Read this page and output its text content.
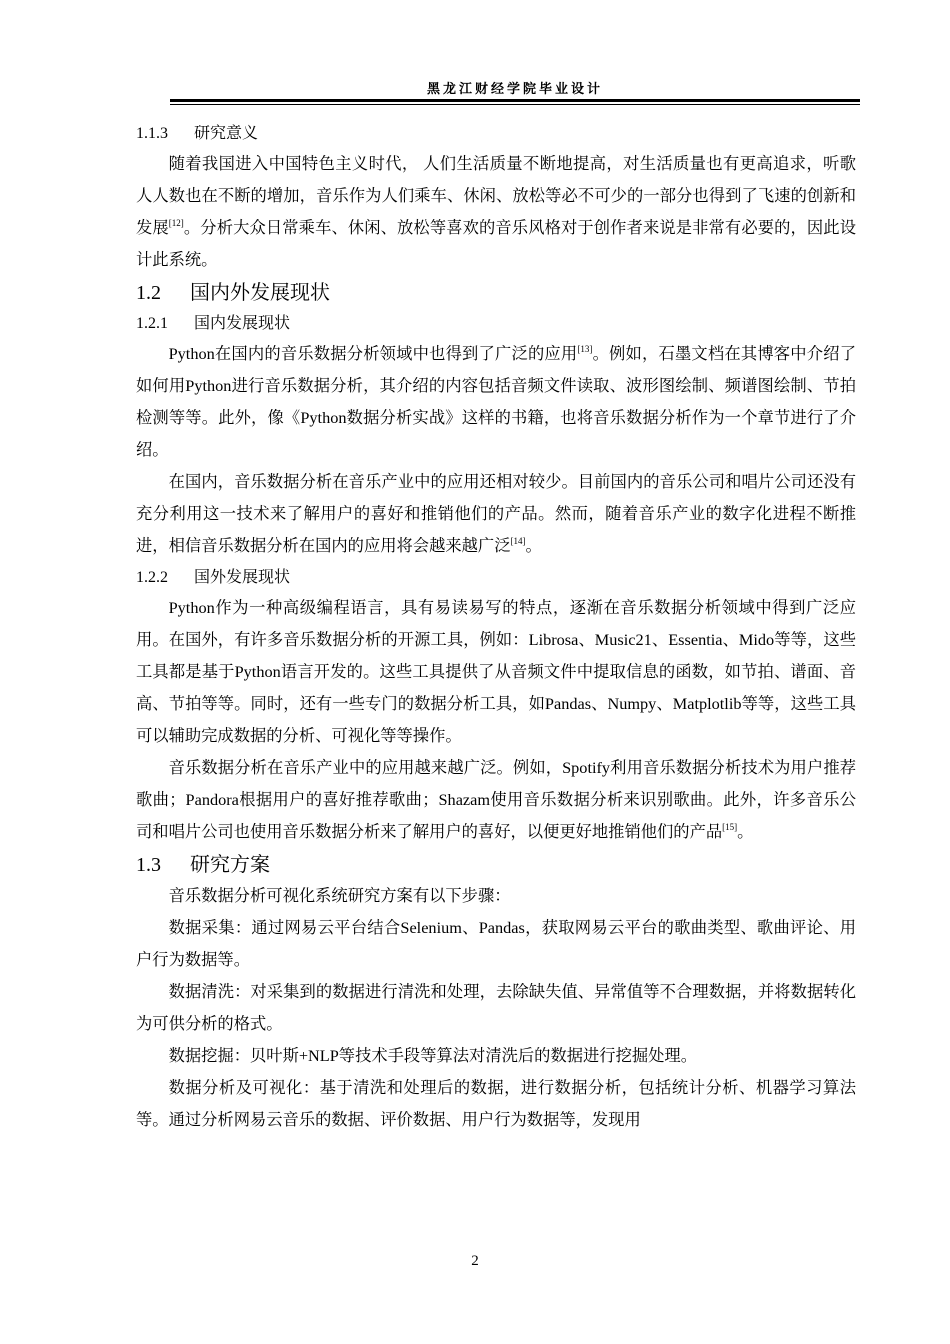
黑龙江财经学院毕业设计
1.1.3 研究意义

随着我国进入中国特色主义时代， 人们生活质量不断地提高，对生活质量也有更高追求，听歌人人数也在不断的增加，音乐作为人们乘车、休闲、放松等必不可少的一部分也得到了飞速的创新和发展[12]。分析大众日常乘车、休闲、放松等喜欢的音乐风格对于创作者来说是非常有必要的，因此设计此系统。

1.2 国内外发展现状
1.2.1 国内发展现状

Python在国内的音乐数据分析领域中也得到了广泛的应用[13]。例如，石墨文档在其博客中介绍了如何用Python进行音乐数据分析，其介绍的内容包括音频文件读取、波形图绘制、频谱图绘制、节拍检测等等。此外，像《Python数据分析实战》这样的书籍，也将音乐数据分析作为一个章节进行了介绍。

在国内，音乐数据分析在音乐产业中的应用还相对较少。目前国内的音乐公司和唱片公司还没有充分利用这一技术来了解用户的喜好和推销他们的产品。然而，随着音乐产业的数字化进程不断推进，相信音乐数据分析在国内的应用将会越来越广泛[14]。

1.2.2 国外发展现状

Python作为一种高级编程语言，具有易读易写的特点，逐渐在音乐数据分析领域中得到广泛应用。在国外，有许多音乐数据分析的开源工具，例如：Librosa、Music21、Essentia、Mido等等，这些工具都是基于Python语言开发的。这些工具提供了从音频文件中提取信息的函数，如节拍、谱面、音高、节拍等等。同时，还有一些专门的数据分析工具，如Pandas、Numpy、Matplotlib等等，这些工具可以辅助完成数据的分析、可视化等等操作。

音乐数据分析在音乐产业中的应用越来越广泛。例如，Spotify利用音乐数据分析技术为用户推荐歌曲；Pandora根据用户的喜好推荐歌曲；Shazam使用音乐数据分析来识别歌曲。此外，许多音乐公司和唱片公司也使用音乐数据分析来了解用户的喜好，以便更好地推销他们的产品[15]。

1.3 研究方案

音乐数据分析可视化系统研究方案有以下步骤：

数据采集：通过网易云平台结合Selenium、Pandas，获取网易云平台的歌曲类型、歌曲评论、用户行为数据等。

数据清洗：对采集到的数据进行清洗和处理，去除缺失值、异常值等不合理数据，并将数据转化为可供分析的格式。

数据挖掘：贝叶斯+NLP等技术手段等算法对清洗后的数据进行挖掘处理。

数据分析及可视化：基于清洗和处理后的数据，进行数据分析，包括统计分析、机器学习算法等。通过分析网易云音乐的数据、评价数据、用户行为数据等，发现用

2
